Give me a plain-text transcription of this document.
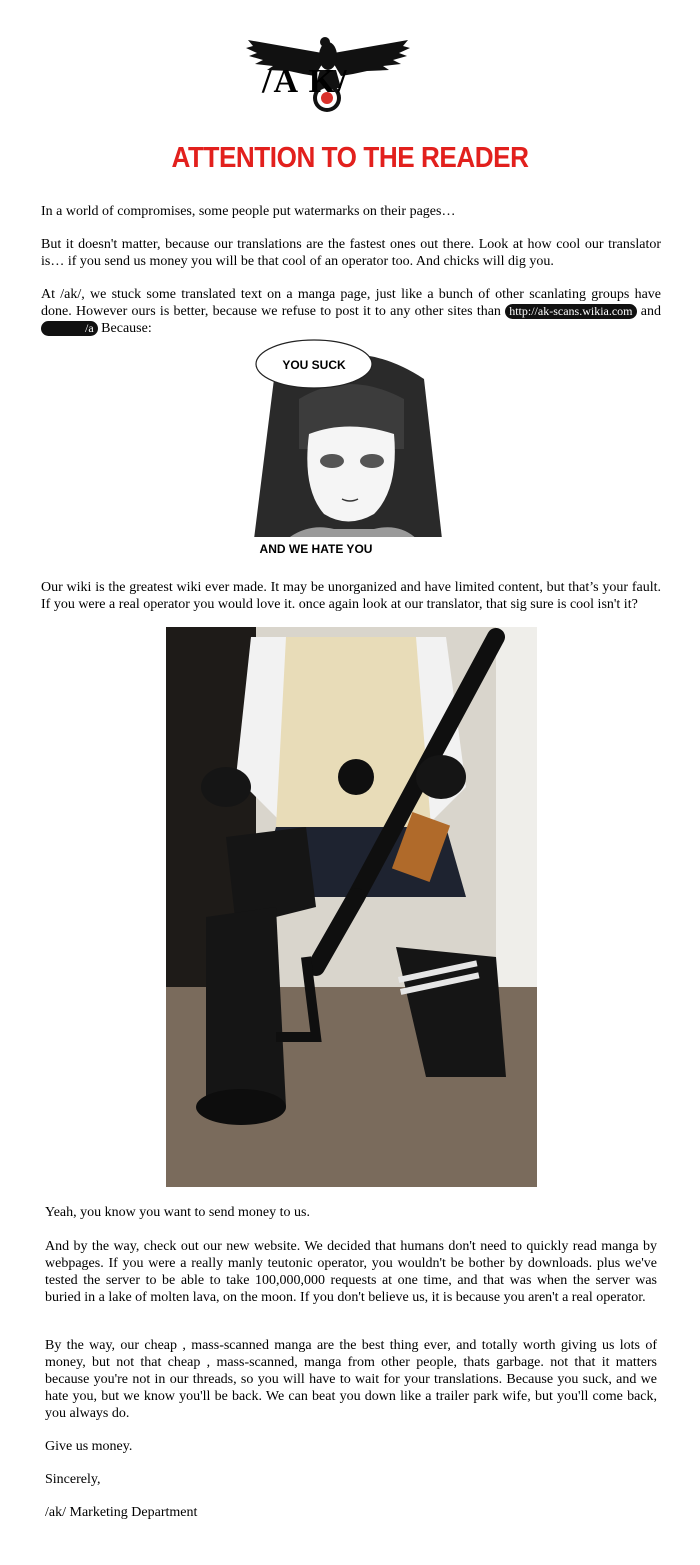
/A K/
ATTENTION TO THE READER

In a world of compromises, some people put watermarks on their pages…

But it doesn't matter, because our translations are the fastest ones out there. Look at how cool our translator is… if you send us money you will be that cool of an operator too. And chicks will dig you.

At /ak/, we stuck some translated text on a manga page, just like a bunch of other scanlating groups have done. However ours is better, because we refuse to post it to any other sites than http://ak-scans.wikia.com and /a Because:

YOU SUCK
AND WE HATE YOU

Our wiki is the greatest wiki ever made. It may be unorganized and have limited content, but that’s your fault. If you were a real operator you would love it. once again look at our translator, that sig sure is cool isn't it?

Yeah, you know you want to send money to us.

And by the way, check out our new website. We decided that humans don't need to quickly read manga by webpages. If you were a really manly teutonic operator, you wouldn't be bother by downloads. plus we've tested the server to be able to take 100,000,000 requests at one time, and that was when the server was buried in a lake of molten lava, on the moon. If you don't believe us, it is because you aren't a real operator.

By the way, our cheap , mass-scanned manga are the best thing ever, and totally worth giving us lots of money, but not that cheap , mass-scanned, manga from other people, thats garbage. not that it matters because you're not in our threads, so you will have to wait for your translations. Because you suck, and we hate you, but we know you'll be back. We can beat you down like a trailer park wife, but you'll come back, you always do.

Give us money.

Sincerely,

/ak/ Marketing Department
